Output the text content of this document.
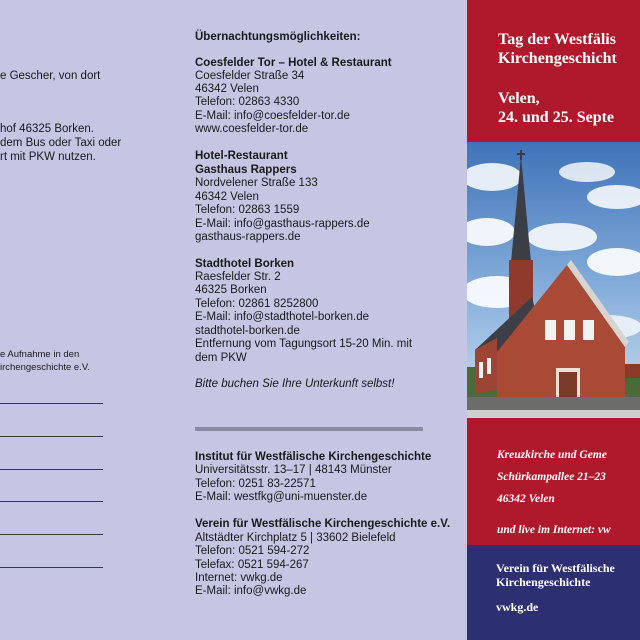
e Gescher, von dort
hof 46325 Borken.
dem Bus oder Taxi oder
rt mit PKW nutzen.
e Aufnahme in den
irchengeschichte e.V.
Übernachtungsmöglichkeiten:
Coesfelder Tor – Hotel & Restaurant
Coesfelder Straße 34
46342 Velen
Telefon: 02863 4330
E-Mail: info@coesfelder-tor.de
www.coesfelder-tor.de
Hotel-Restaurant
Gasthaus Rappers
Nordvelener Straße 133
46342 Velen
Telefon: 02863 1559
E-Mail: info@gasthaus-rappers.de
gasthaus-rappers.de
Stadthotel Borken
Raesfelder Str. 2
46325 Borken
Telefon: 02861 8252800
E-Mail: info@stadthotel-borken.de
stadthotel-borken.de
Entfernung vom Tagungsort 15-20 Min. mit
dem PKW
Bitte buchen Sie Ihre Unterkunft selbst!
Institut für Westfälische Kirchengeschichte
Universitätsstr. 13–17 | 48143 Münster
Telefon: 0251 83-22571
E-Mail: westfkg@uni-muenster.de
Verein für Westfälische Kirchengeschichte e.V.
Altstädter Kirchplatz 5 | 33602 Bielefeld
Telefon: 0521 594-272
Telefax: 0521 594-267
Internet: vwkg.de
E-Mail: info@vwkg.de
Tag der Westfälis
Kirchengeschicht
Velen,
24. und 25. Septe
Kreuzkirche und Geme
Schürkampallee 21–23
46342 Velen
und live im Internet: vw
Verein für Westfälische
Kirchengeschichte
vwkg.de
